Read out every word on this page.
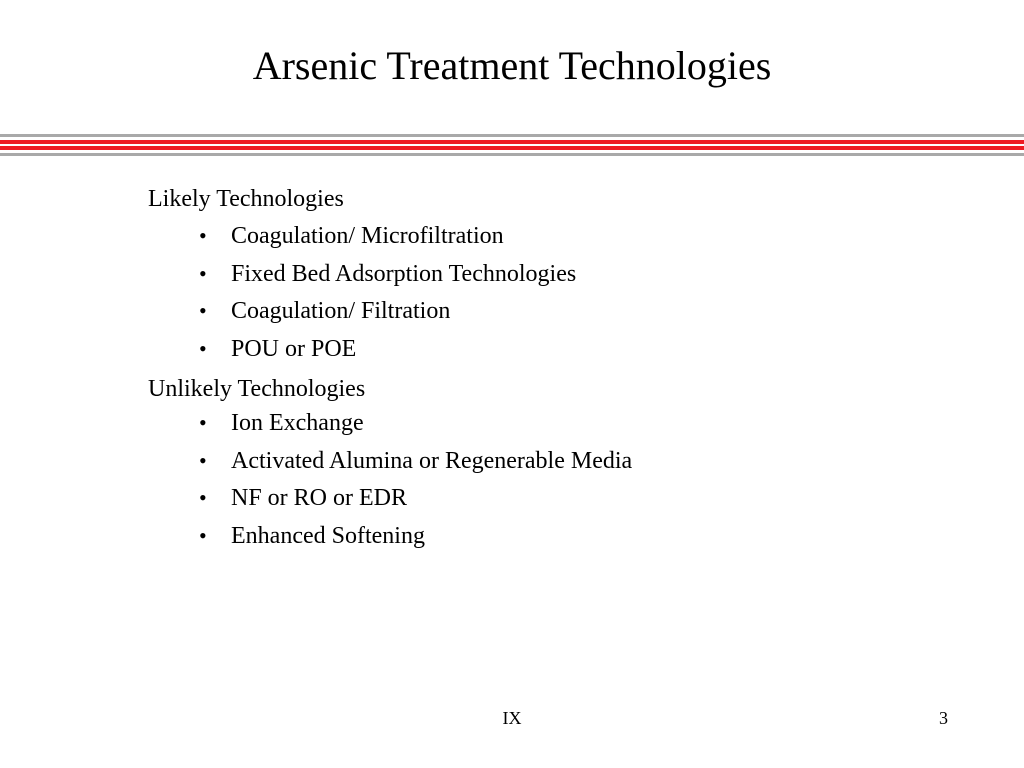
Arsenic Treatment Technologies
Likely Technologies
•	Coagulation/ Microfiltration
•	Fixed Bed Adsorption Technologies
•	Coagulation/ Filtration
•	POU or POE
Unlikely Technologies
•	Ion Exchange
•	Activated Alumina or Regenerable Media
•	NF or RO or EDR
•	Enhanced Softening
IX	3
